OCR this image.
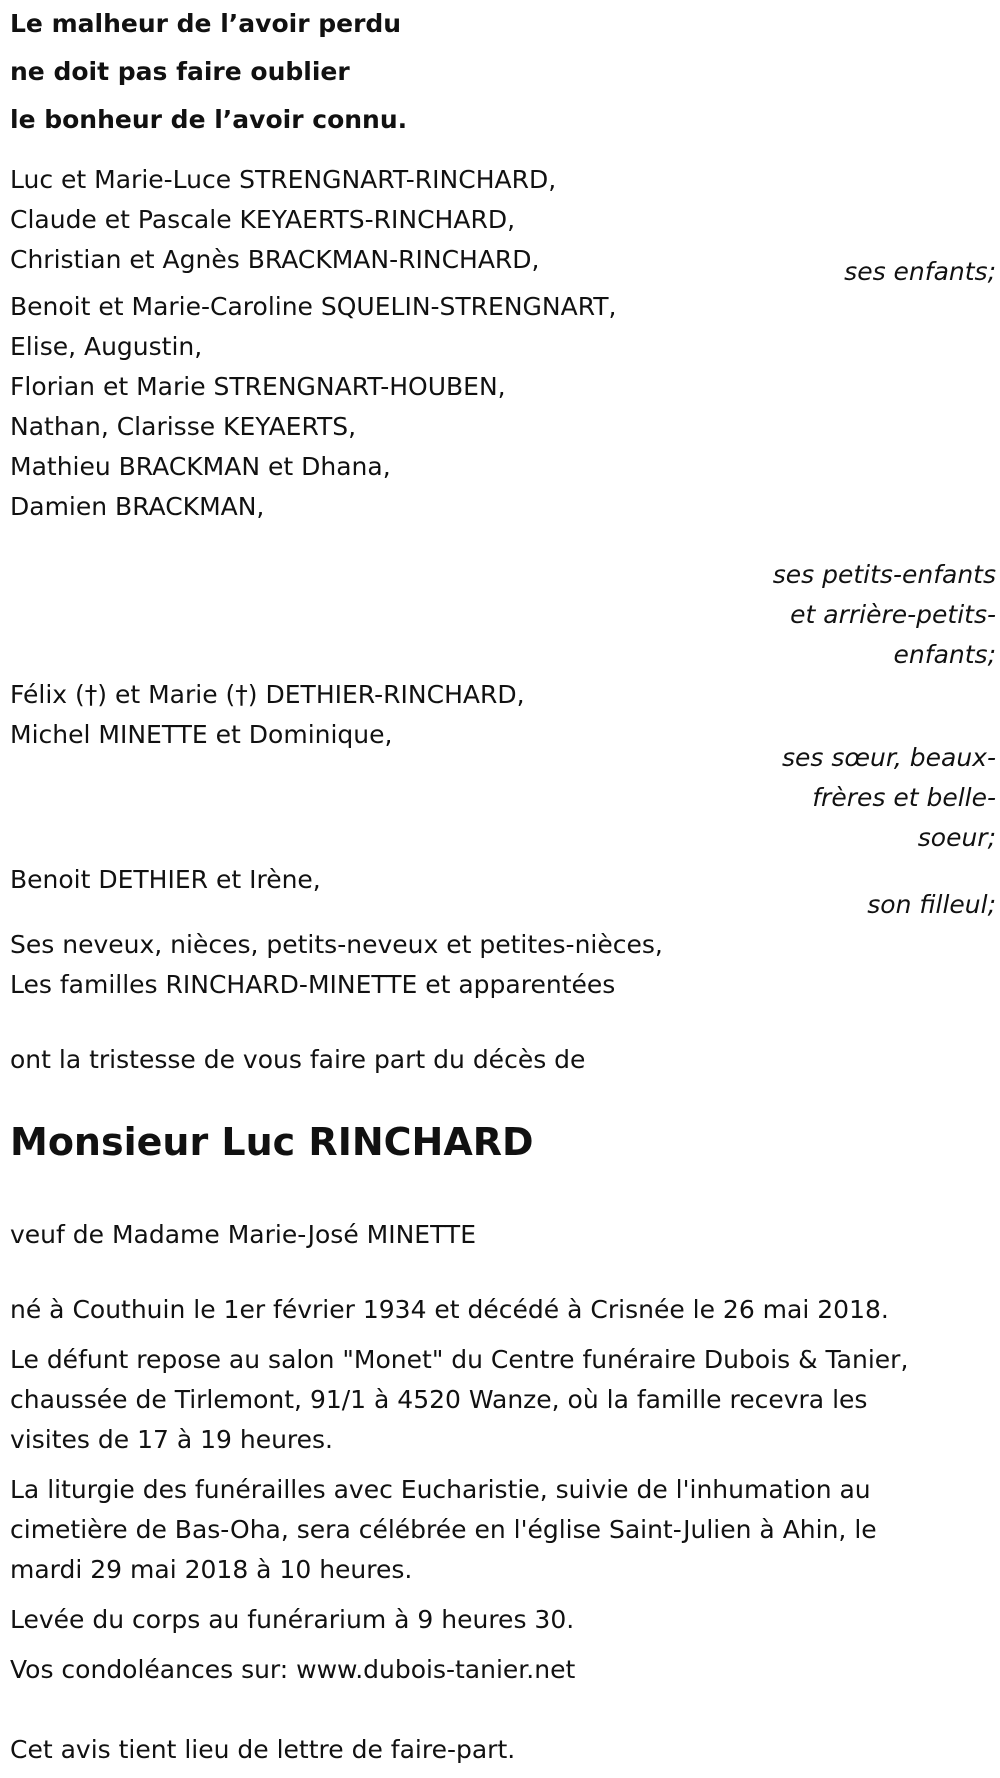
Le malheur de l’avoir perdu
ne doit pas faire oublier
le bonheur de l’avoir connu.
Luc et Marie-Luce STRENGNART-RINCHARD,
Claude et Pascale KEYAERTS-RINCHARD,
Christian et Agnès BRACKMAN-RINCHARD,	ses enfants;
Benoit et Marie-Caroline SQUELIN-STRENGNART,
Elise, Augustin,
Florian et Marie STRENGNART-HOUBEN,
Nathan, Clarisse KEYAERTS,
Mathieu BRACKMAN et Dhana,
Damien BRACKMAN,
ses petits-enfants
et arrière-petits-
enfants;
Félix (†) et Marie (†) DETHIER-RINCHARD,
Michel MINETTE et Dominique,
ses sœur, beaux-
frères et belle-
soeur;
Benoit DETHIER et Irène,
son filleul;
Ses neveux, nièces, petits-neveux et petites-nièces,
Les familles RINCHARD-MINETTE et apparentées
ont la tristesse de vous faire part du décès de
Monsieur Luc RINCHARD
veuf de Madame Marie-José MINETTE
né à Couthuin le 1er février 1934 et décédé à Crisnée le 26 mai 2018.
Le défunt repose au salon "Monet" du Centre funéraire Dubois & Tanier,
chaussée de Tirlemont, 91/1 à 4520 Wanze, où la famille recevra les
visites de 17 à 19 heures.
La liturgie des funérailles avec Eucharistie, suivie de l'inhumation au
cimetière de Bas-Oha, sera célébrée en l'église Saint-Julien à Ahin, le
mardi 29 mai 2018 à 10 heures.
Levée du corps au funérarium à 9 heures 30.
Vos condoléances sur: www.dubois-tanier.net
Cet avis tient lieu de lettre de faire-part.
